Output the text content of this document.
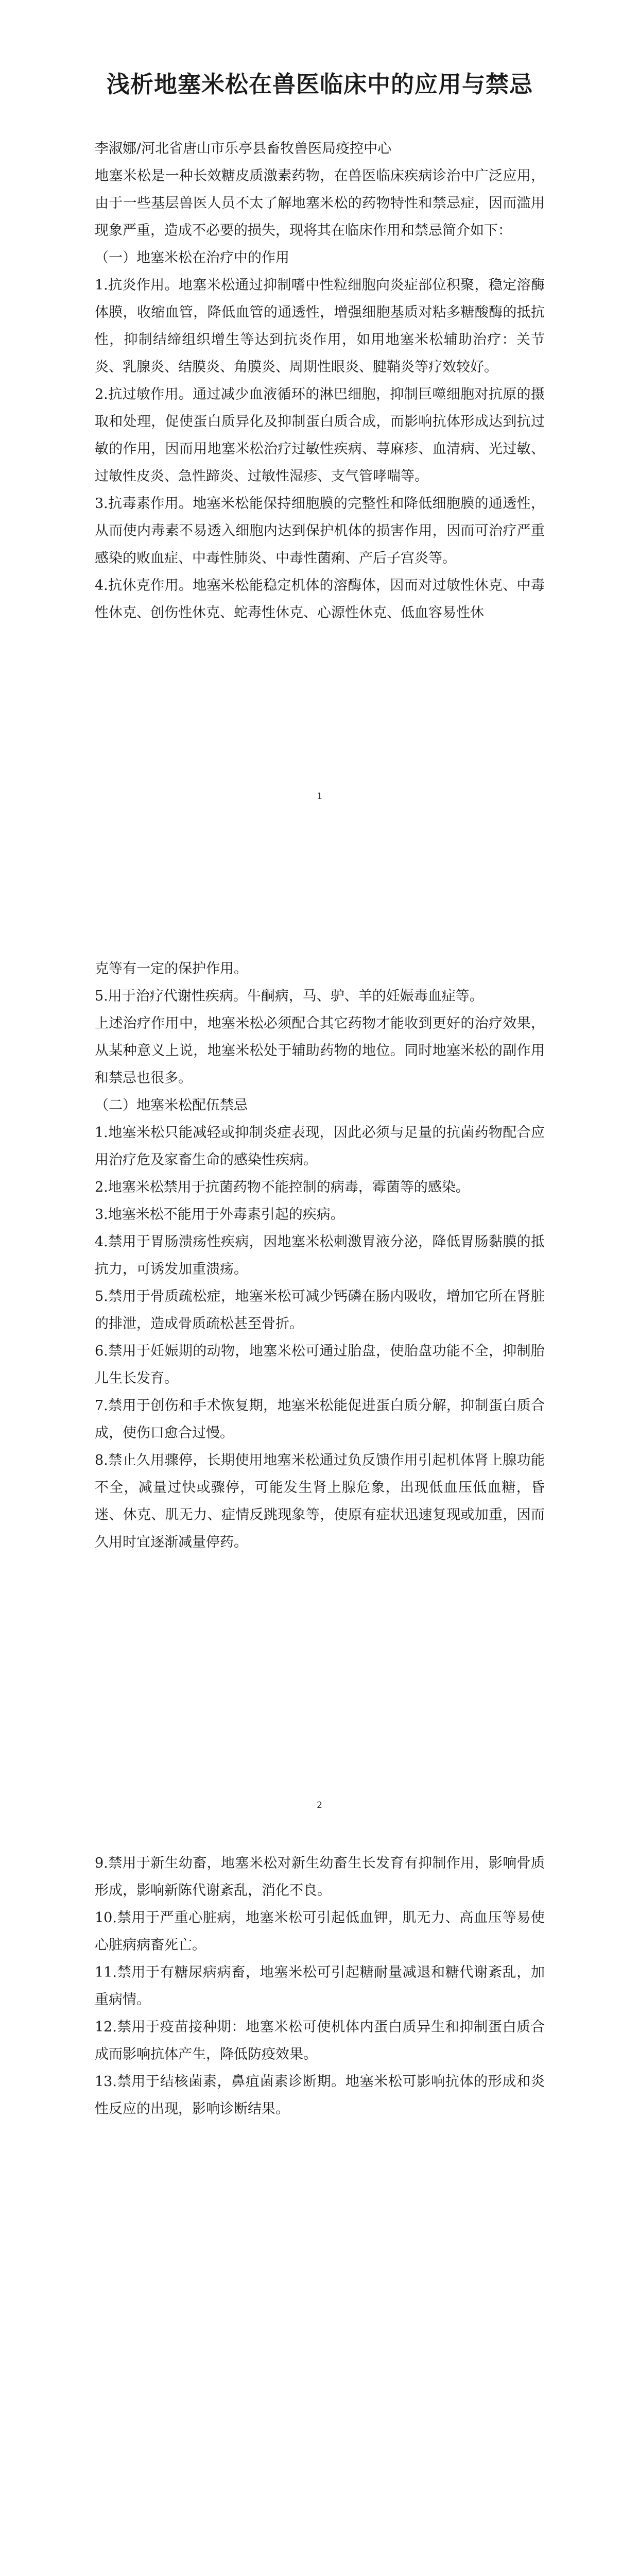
浅析地塞米松在兽医临床中的应用与禁忌

李淑娜/河北省唐山市乐亭县畜牧兽医局疫控中心

地塞米松是一种长效糖皮质激素药物，在兽医临床疾病诊治中广泛应用，由于一些基层兽医人员不太了解地塞米松的药物特性和禁忌症，因而滥用现象严重，造成不必要的损失，现将其在临床作用和禁忌简介如下：

（一）地塞米松在治疗中的作用

1.抗炎作用。地塞米松通过抑制嗜中性粒细胞向炎症部位积聚，稳定溶酶体膜，收缩血管，降低血管的通透性，增强细胞基质对粘多糖酸酶的抵抗性，抑制结缔组织增生等达到抗炎作用，如用地塞米松辅助治疗：关节炎、乳腺炎、结膜炎、角膜炎、周期性眼炎、腱鞘炎等疗效较好。

2.抗过敏作用。通过减少血液循环的淋巴细胞，抑制巨噬细胞对抗原的摄取和处理，促使蛋白质异化及抑制蛋白质合成，而影响抗体形成达到抗过敏的作用，因而用地塞米松治疗过敏性疾病、荨麻疹、血清病、光过敏、过敏性皮炎、急性蹄炎、过敏性湿疹、支气管哮喘等。

3.抗毒素作用。地塞米松能保持细胞膜的完整性和降低细胞膜的通透性，从而使内毒素不易透入细胞内达到保护机体的损害作用，因而可治疗严重感染的败血症、中毒性肺炎、中毒性菌痢、产后子宫炎等。

4.抗休克作用。地塞米松能稳定机体的溶酶体，因而对过敏性休克、中毒性休克、创伤性休克、蛇毒性休克、心源性休克、低血容易性休

1

克等有一定的保护作用。

5.用于治疗代谢性疾病。牛酮病，马、驴、羊的妊娠毒血症等。

上述治疗作用中，地塞米松必须配合其它药物才能收到更好的治疗效果，从某种意义上说，地塞米松处于辅助药物的地位。同时地塞米松的副作用和禁忌也很多。

（二）地塞米松配伍禁忌

1.地塞米松只能减轻或抑制炎症表现，因此必须与足量的抗菌药物配合应用治疗危及家畜生命的感染性疾病。

2.地塞米松禁用于抗菌药物不能控制的病毒，霉菌等的感染。

3.地塞米松不能用于外毒素引起的疾病。

4.禁用于胃肠溃疡性疾病，因地塞米松刺激胃液分泌，降低胃肠黏膜的抵抗力，可诱发加重溃疡。

5.禁用于骨质疏松症，地塞米松可减少钙磷在肠内吸收，增加它所在肾脏的排泄，造成骨质疏松甚至骨折。

6.禁用于妊娠期的动物，地塞米松可通过胎盘，使胎盘功能不全，抑制胎儿生长发育。

7.禁用于创伤和手术恢复期，地塞米松能促进蛋白质分解，抑制蛋白质合成，使伤口愈合过慢。

8.禁止久用骤停，长期使用地塞米松通过负反馈作用引起机体肾上腺功能不全，减量过快或骤停，可能发生肾上腺危象，出现低血压低血糖，昏迷、休克、肌无力、症情反跳现象等，使原有症状迅速复现或加重，因而久用时宜逐渐减量停药。

2

9.禁用于新生幼畜，地塞米松对新生幼畜生长发育有抑制作用，影响骨质形成，影响新陈代谢紊乱，消化不良。

10.禁用于严重心脏病，地塞米松可引起低血钾，肌无力、高血压等易使心脏病病畜死亡。

11.禁用于有糖尿病病畜，地塞米松可引起糖耐量减退和糖代谢紊乱，加重病情。

12.禁用于疫苗接种期：地塞米松可使机体内蛋白质异生和抑制蛋白质合成而影响抗体产生，降低防疫效果。

13.禁用于结核菌素，鼻疽菌素诊断期。地塞米松可影响抗体的形成和炎性反应的出现，影响诊断结果。
